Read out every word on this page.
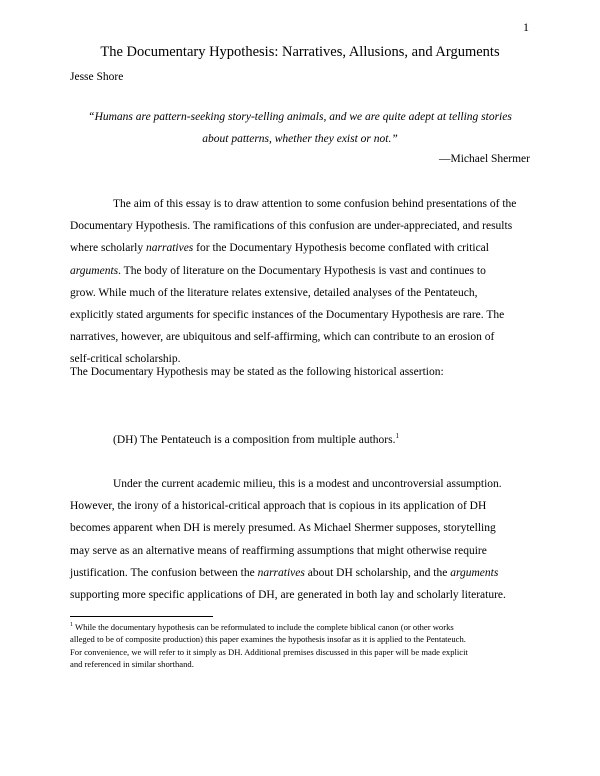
1
The Documentary Hypothesis: Narratives, Allusions, and Arguments
Jesse Shore
“Humans are pattern-seeking story-telling animals, and we are quite adept at telling stories
about patterns, whether they exist or not.”
—Michael Shermer
The aim of this essay is to draw attention to some confusion behind presentations of the
Documentary Hypothesis. The ramifications of this confusion are under-appreciated, and results
where scholarly narratives for the Documentary Hypothesis become conflated with critical
arguments. The body of literature on the Documentary Hypothesis is vast and continues to
grow. While much of the literature relates extensive, detailed analyses of the Pentateuch,
explicitly stated arguments for specific instances of the Documentary Hypothesis are rare. The
narratives, however, are ubiquitous and self-affirming, which can contribute to an erosion of
self-critical scholarship.
The Documentary Hypothesis may be stated as the following historical assertion:
(DH) The Pentateuch is a composition from multiple authors.$^1$
Under the current academic milieu, this is a modest and uncontroversial assumption.
However, the irony of a historical-critical approach that is copious in its application of DH
becomes apparent when DH is merely presumed. As Michael Shermer supposes, storytelling
may serve as an alternative means of reaffirming assumptions that might otherwise require
justification. The confusion between the narratives about DH scholarship, and the arguments
supporting more specific applications of DH, are generated in both lay and scholarly literature.
$^1$ While the documentary hypothesis can be reformulated to include the complete biblical canon (or other works
alleged to be of composite production) this paper examines the hypothesis insofar as it is applied to the Pentateuch.
For convenience, we will refer to it simply as DH. Additional premises discussed in this paper will be made explicit
and referenced in similar shorthand.
